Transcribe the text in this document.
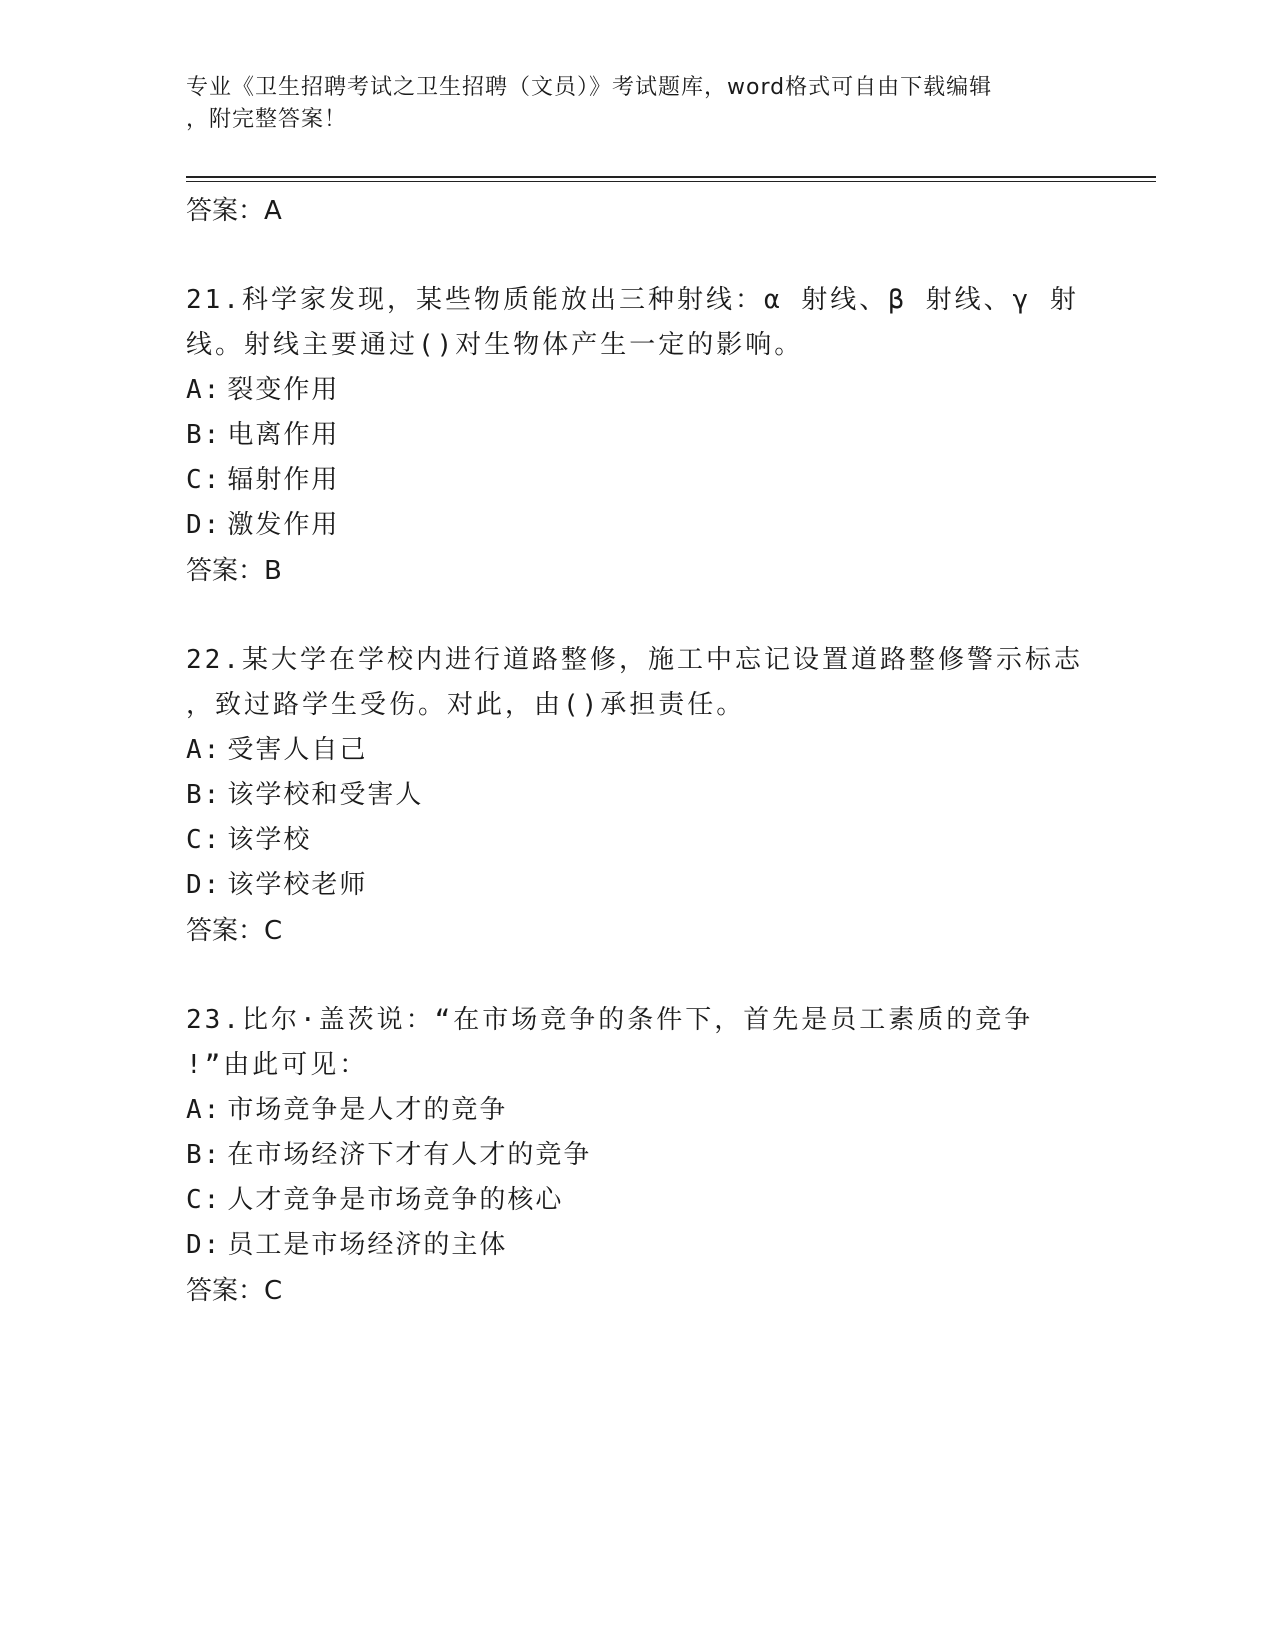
专业《卫生招聘考试之卫生招聘（文员）》考试题库，word格式可自由下载编辑
，附完整答案！
答案：A
21.科学家发现，某些物质能放出三种射线：α 射线、β 射线、γ 射
线。射线主要通过()对生物体产生一定的影响。
A: 裂变作用
B: 电离作用
C: 辐射作用
D: 激发作用
答案：B
22.某大学在学校内进行道路整修，施工中忘记设置道路整修警示标志
，致过路学生受伤。对此，由()承担责任。
A: 受害人自己
B: 该学校和受害人
C: 该学校
D: 该学校老师
答案：C
23.比尔·盖茨说：“在市场竞争的条件下，首先是员工素质的竞争
!”由此可见：
A: 市场竞争是人才的竞争
B: 在市场经济下才有人才的竞争
C: 人才竞争是市场竞争的核心
D: 员工是市场经济的主体
答案：C
